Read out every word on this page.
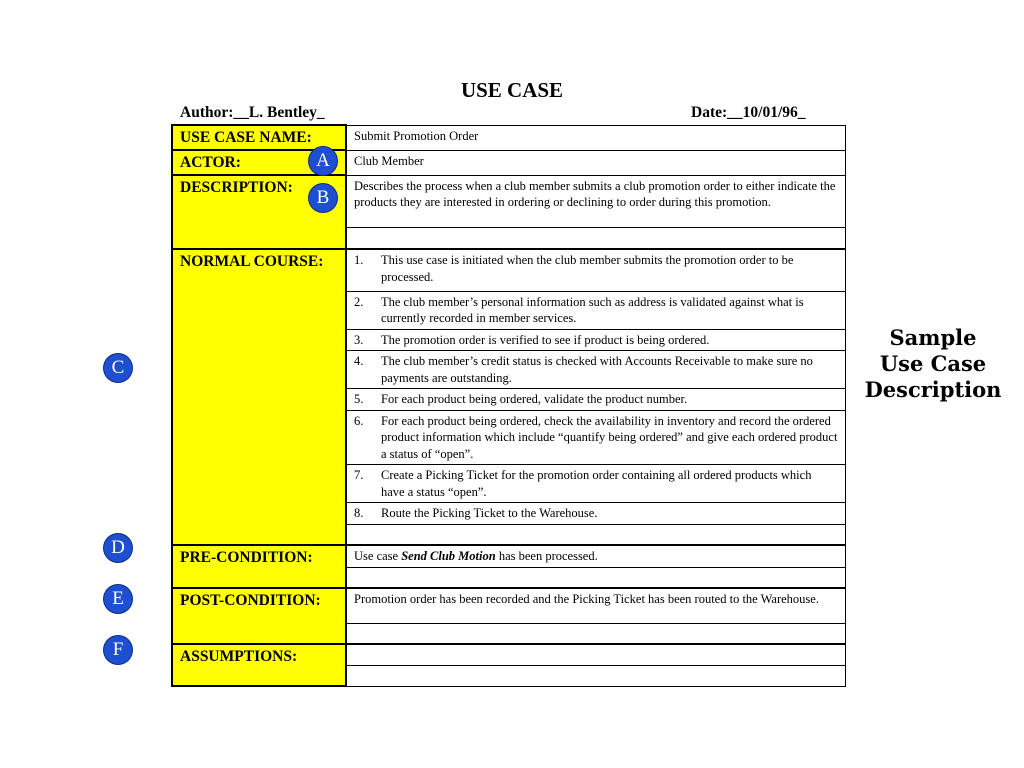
USE CASE
Author:__L. Bentley_	Date:__10/01/96_
USE CASE NAME:	Submit Promotion Order
ACTOR:	Club Member
DESCRIPTION:	Describes the process when a club member submits a club promotion order to either indicate the products they are interested in ordering or declining to order during this promotion.

NORMAL COURSE:	1. This use case is initiated when the club member submits the promotion order to be processed.

	2. The club member’s personal information such as address is validated against what is currently recorded in member services.

	3. The promotion order is verified to see if product is being ordered.

	4. The club member’s credit status is checked with Accounts Receivable to make sure no payments are outstanding.

	5. For each product being ordered, validate the product number.

	6. For each product being ordered, check the availability in inventory and record the ordered product information which include “quantify being ordered” and give each ordered product a status of “open”.

	7. Create a Picking Ticket for the promotion order containing all ordered products which have a status “open”.

	8. Route the Picking Ticket to the Warehouse.

PRE-CONDITION:	Use case Send Club Motion has been processed.

POST-CONDITION:	Promotion order has been recorded and the Picking Ticket has been routed to the Warehouse.

ASSUMPTIONS:	

A
B
C
D
E
F
Sample
Use Case
Description
